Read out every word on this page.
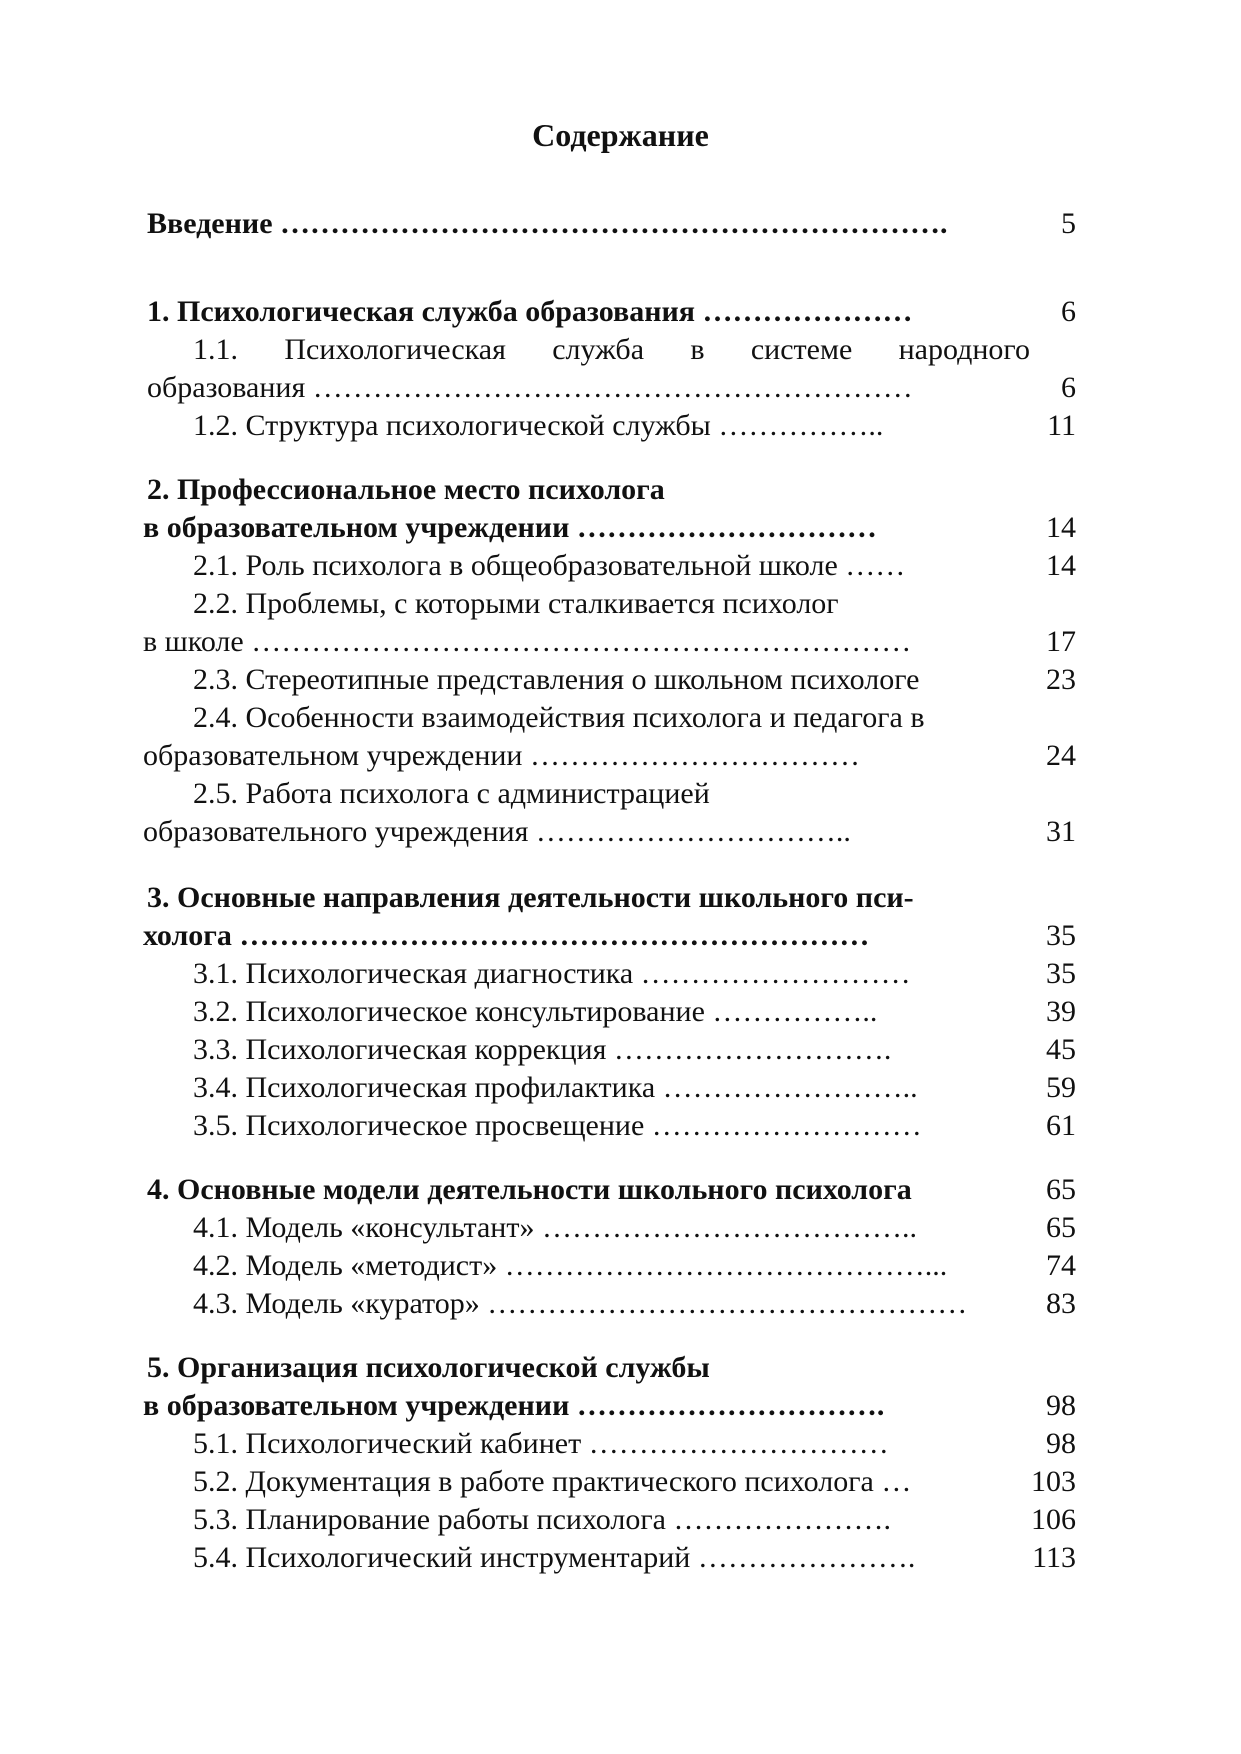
Содержание
Введение ………………………………………………………….	5
1. Психологическая служба образования …………………	6
1.1. Психологическая служба в системе народного
образования ……………………………………………………	6
1.2. Структура психологической службы ……………..	11
2. Профессиональное место психолога
в образовательном учреждении …………………………	14
2.1. Роль психолога в общеобразовательной школе ……	14
2.2. Проблемы, с которыми сталкивается психолог
в школе …………………………………………………………	17
2.3. Стереотипные представления о школьном психологе	23
2.4. Особенности взаимодействия психолога и педагога в
образовательном учреждении ……………………………	24
2.5. Работа психолога с администрацией
образовательного учреждения …………………………..	31
3. Основные направления деятельности школьного пси-
холога ………………………………………………………	35
3.1. Психологическая диагностика ………………………	35
3.2. Психологическое консультирование ……………..	39
3.3. Психологическая коррекция ……………………….	45
3.4. Психологическая профилактика ……………………..	59
3.5. Психологическое просвещение ………………………	61
4. Основные модели деятельности школьного психолога	65
4.1. Модель «консультант» ………………………………..	65
4.2. Модель «методист» ……………………………………...	74
4.3. Модель «куратор» …………………………………………	83
5. Организация психологической службы
в образовательном учреждении ………………………….	98
5.1. Психологический кабинет …………………………	98
5.2. Документация в работе практического психолога …	103
5.3. Планирование работы психолога ………………….	106
5.4. Психологический инструментарий ………………….	113
